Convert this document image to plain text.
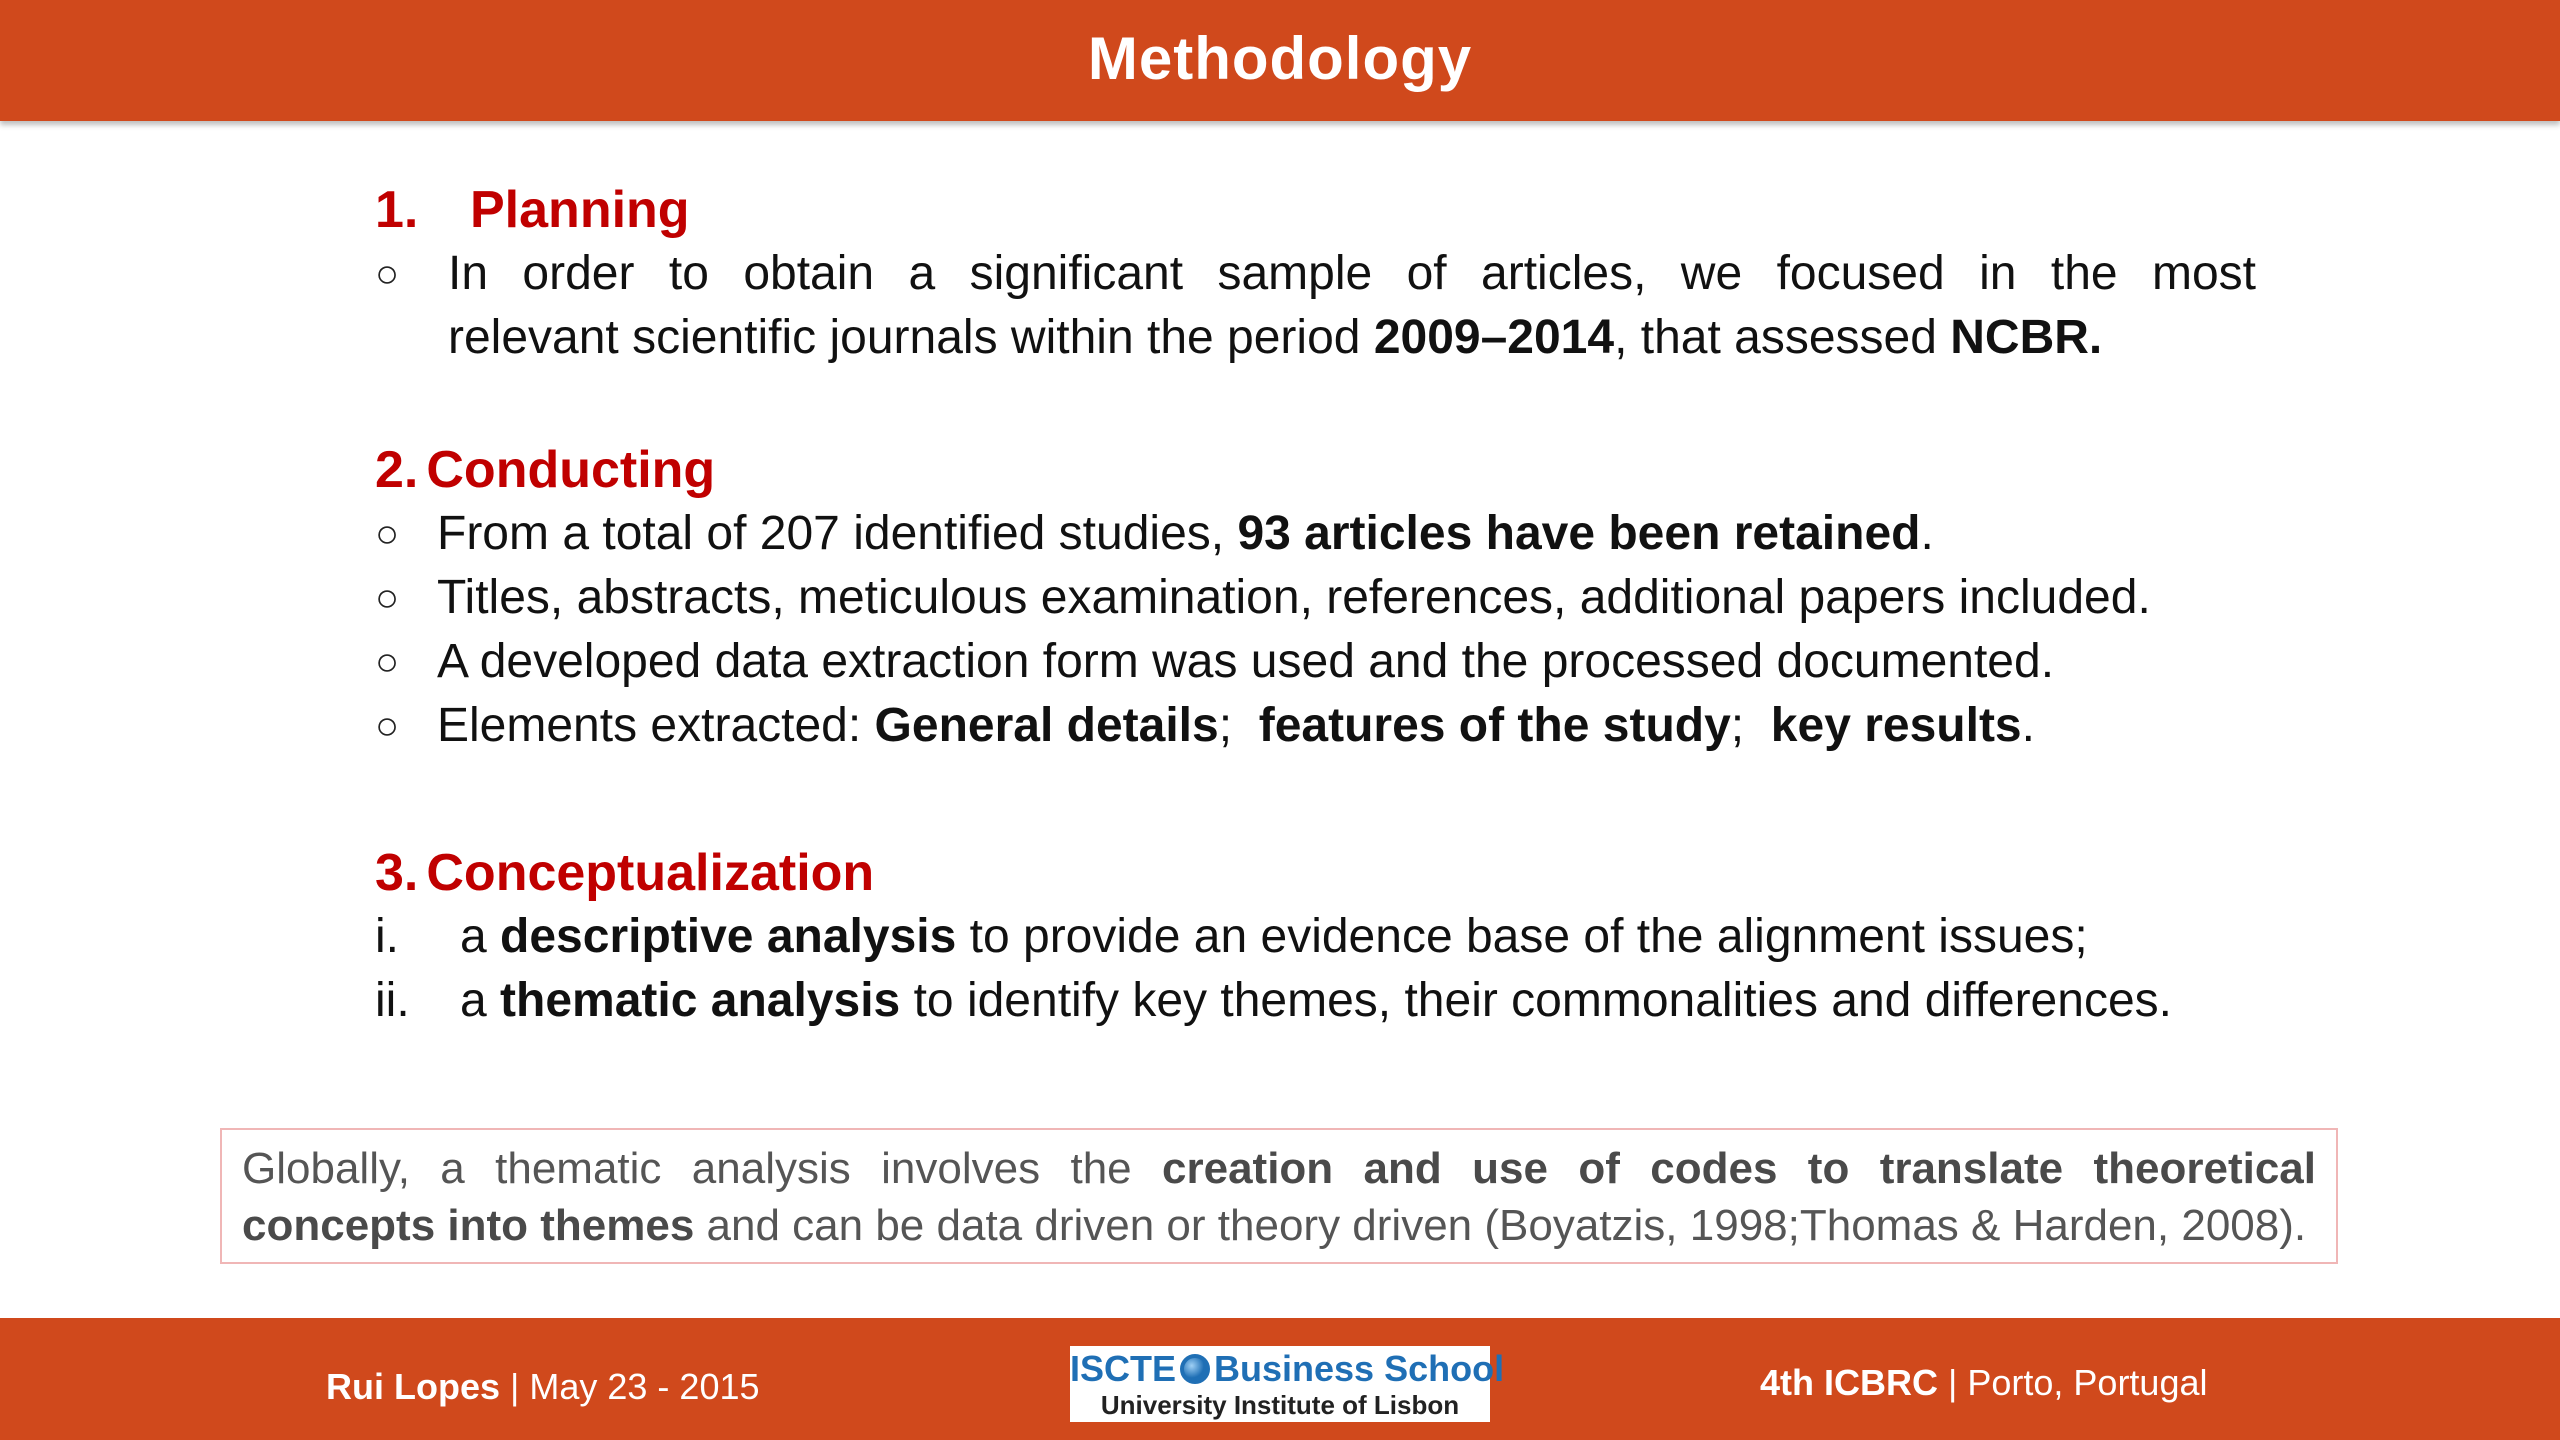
Methodology
1. Planning
○ In order to obtain a significant sample of articles, we focused in the most
relevant scientific journals within the period 2009–2014, that assessed NCBR.
2. Conducting
○ From a total of 207 identified studies, 93 articles have been retained.
○ Titles, abstracts, meticulous examination, references, additional papers included.
○ A developed data extraction form was used and the processed documented.
○ Elements extracted: General details;  features of the study;  key results.
3. Conceptualization
i. a descriptive analysis to provide an evidence base of the alignment issues;
ii. a thematic analysis to identify key themes, their commonalities and differences.
Globally, a thematic analysis involves the creation and use of codes to translate theoretical
concepts into themes and can be data driven or theory driven (Boyatzis, 1998;Thomas & Harden, 2008).
Rui Lopes | May 23 - 2015	ISCTE Business School
University Institute of Lisbon
4th ICBRC | Porto, Portugal
